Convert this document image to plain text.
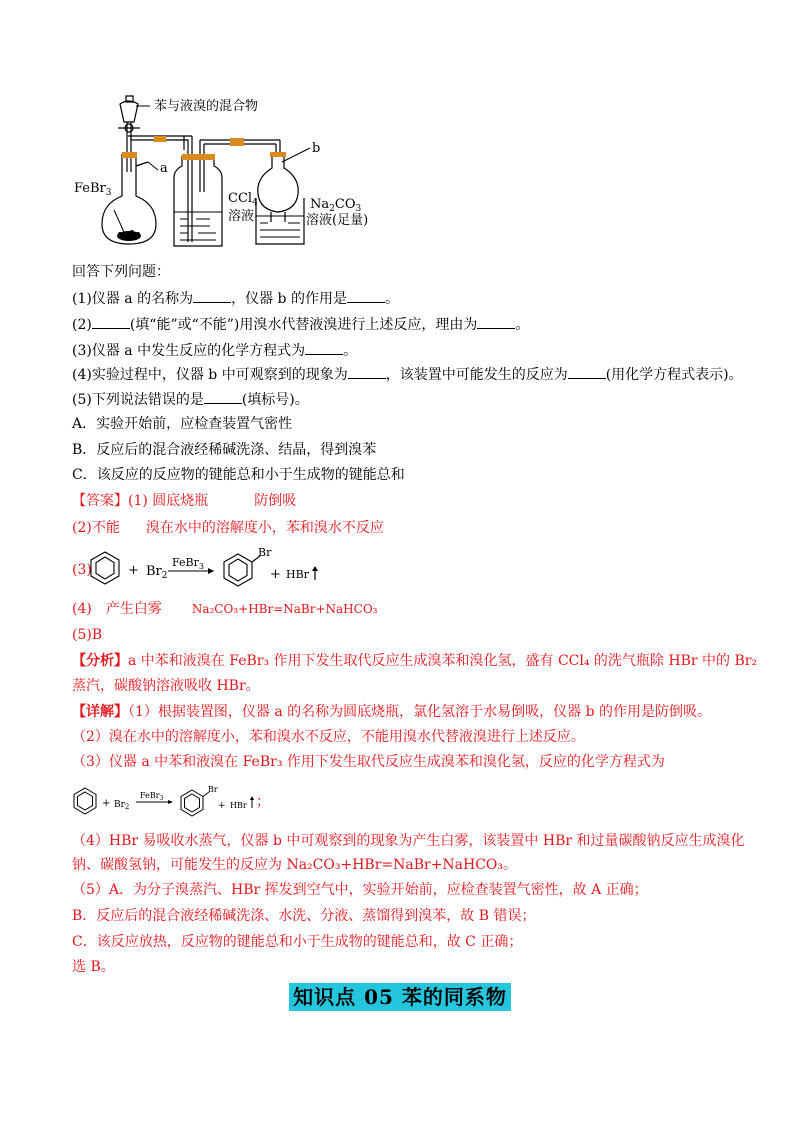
苯与液溴的混合物
a
b
FeBr$_3$	CCl$_4$
溶液
$Na_2CO_3$
溶液(足量)
回答下列问题：
(1)仪器 a 的名称为	，仪器 b 的作用是	。
(2)	(填“能”或“不能”)用溴水代替液溴进行上述反应，理由为	。
(3)仪器 a 中发生反应的化学方程式为	。
(4)实验过程中，仪器 b 中可观察到的现象为	，该装置中可能发生的反应为	(用化学方程式表示)。
(5)下列说法错误的是	(填标号)。
A．实验开始前，应检查装置气密性
B．反应后的混合液经稀碱洗涤、结晶，得到溴苯
C．该反应的反应物的键能总和小于生成物的键能总和
【答案】(1) 圆底烧瓶	防倒吸
(2)不能 溴在水中的溶解度小，苯和溴水不反应
(3)	+ $Br_2$
FeBr$_3$
Br
+ HBr
(4) 产生白雾	Na₂CO₃+HBr=NaBr+NaHCO₃
(5)B
【分析】a 中苯和液溴在 FeBr₃ 作用下发生取代反应生成溴苯和溴化氢，盛有 CCl₄ 的洗气瓶除 HBr 中的 Br₂
蒸汽，碳酸钠溶液吸收 HBr。
【详解】（1）根据装置图，仪器 a 的名称为圆底烧瓶，氯化氢溶于水易倒吸，仪器 b 的作用是防倒吸。
（2）溴在水中的溶解度小，苯和溴水不反应，不能用溴水代替液溴进行上述反应。
（3）仪器 a 中苯和液溴在 FeBr₃ 作用下发生取代反应生成溴苯和溴化氢，反应的化学方程式为
+ $Br_2$
FeBr$_3$
Br
+ HBr ；
（4）HBr 易吸收水蒸气，仪器 b 中可观察到的现象为产生白雾，该装置中 HBr 和过量碳酸钠反应生成溴化
钠、碳酸氢钠，可能发生的反应为 Na₂CO₃+HBr=NaBr+NaHCO₃。
（5）A．为分子溴蒸汽、HBr 挥发到空气中，实验开始前，应检查装置气密性，故 A 正确；
B．反应后的混合液经稀碱洗涤、水洗、分液、蒸馏得到溴苯，故 B 错误；
C．该反应放热，反应物的键能总和小于生成物的键能总和，故 C 正确；
选 B。
知识点 05 苯的同系物
